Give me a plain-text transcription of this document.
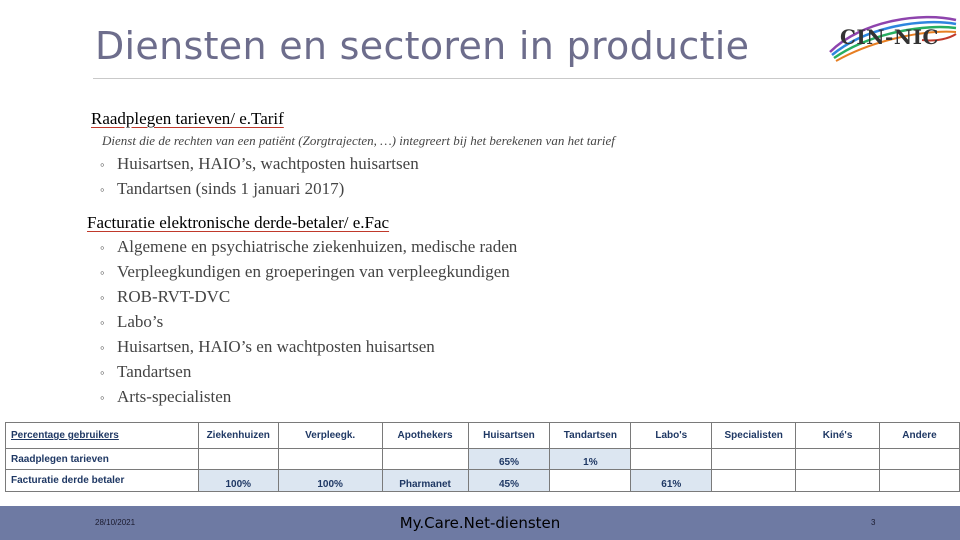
Diensten en sectoren in productie	CIN-NIC
Raadplegen tarieven/ e.Tarif
Dienst die de rechten van een patiënt (Zorgtrajecten, …) integreert bij het berekenen van het tarief
◦ Huisartsen, HAIO’s, wachtposten huisartsen
◦ Tandartsen (sinds 1 januari 2017)
Facturatie elektronische derde-betaler/ e.Fac
◦ Algemene en psychiatrische ziekenhuizen, medische raden
◦ Verpleegkundigen en groeperingen van verpleegkundigen
◦ ROB-RVT-DVC
◦ Labo’s
◦ Huisartsen, HAIO’s en wachtposten huisartsen
◦ Tandartsen
◦ Arts-specialisten
Percentage gebruikers	Ziekenhuizen	Verpleegk.	Apothekers	Huisartsen	Tandartsen	Labo's	Specialisten	Kiné's	Andere
Raadplegen tarieven				65%	1%				
Facturatie derde betaler	100%	100%	Pharmanet	45%		61%			
28/10/2021	My.Care.Net-diensten	3
